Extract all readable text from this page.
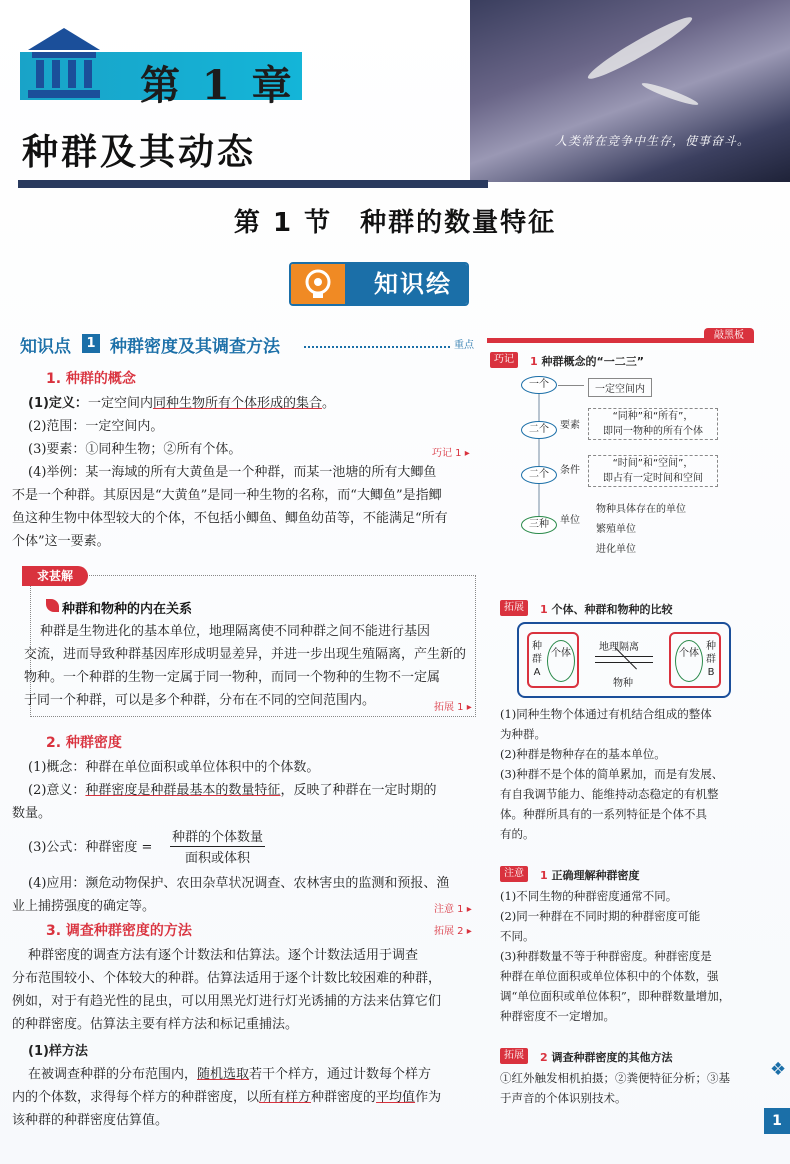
人类常在竞争中生存，使事奋斗。
第 1 章
种群及其动态
第 1 节　种群的数量特征
知识绘
知识点	1 种群密度及其调查方法	重点
1. 种群的概念
(1)定义：一定空间内同种生物所有个体形成的集合。
(2)范围：一定空间内。
(3)要素：①同种生物；②所有个体。	巧记 1 ▸
(4)举例：某一海域的所有大黄鱼是一个种群，而某一池塘的所有大鲫鱼
不是一个种群。其原因是“大黄鱼”是同一种生物的名称，而“大鲫鱼”是指鲫
鱼这种生物中体型较大的个体，不包括小鲫鱼、鲫鱼幼苗等，不能满足“所有
个体”这一要素。
求甚解
种群和物种的内在关系
种群是生物进化的基本单位，地理隔离使不同种群之间不能进行基因
交流，进而导致种群基因库形成明显差异，并进一步出现生殖隔离，产生新的
物种。一个种群的生物一定属于同一物种，而同一个物种的生物不一定属
于同一个种群，可以是多个种群，分布在不同的空间范围内。	拓展 1 ▸
2. 种群密度
(1)概念：种群在单位面积或单位体积中的个体数。
(2)意义：种群密度是种群最基本的数量特征，反映了种群在一定时期的
数量。
(3)公式：种群密度 =
种群的个体数量
面积或体积
(4)应用：濒危动物保护、农田杂草状况调查、农林害虫的监测和预报、渔
业上捕捞强度的确定等。	注意 1 ▸
3. 调查种群密度的方法	拓展 2 ▸
种群密度的调查方法有逐个计数法和估算法。逐个计数法适用于调查
分布范围较小、个体较大的种群。估算法适用于逐个计数比较困难的种群，
例如，对于有趋光性的昆虫，可以用黑光灯进行灯光诱捕的方法来估算它们
的种群密度。估算法主要有样方法和标记重捕法。
(1)样方法
在被调查种群的分布范围内，随机选取若干个样方，通过计数每个样方
内的个体数，求得每个样方的种群密度，以所有样方种群密度的平均值作为
该种群的种群密度估算值。
敲黑板
巧记	1 种群概念的“一二三”
一个	一定空间内
二个	要素
“同种”和“所有”，
即同一物种的所有个体
二个	条件
“时间”和“空间”，
即占有一定时间和空间
三种	单位
物种具体存在的单位
繁殖单位
进化单位
拓展	1 个体、种群和物种的比较
种
群
A
个体
地理隔离
物种
个体
种
群
B
(1)同种生物个体通过有机结合组成的整体
为种群。
(2)种群是物种存在的基本单位。
(3)种群不是个体的简单累加，而是有发展、
有自我调节能力、能维持动态稳定的有机整
体。种群所具有的一系列特征是个体不具
有的。
注意	1 正确理解种群密度
(1)不同生物的种群密度通常不同。
(2)同一种群在不同时期的种群密度可能
不同。
(3)种群数量不等于种群密度。种群密度是
种群在单位面积或单位体积中的个体数，强
调“单位面积或单位体积”，即种群数量增加，
种群密度不一定增加。
拓展	2 调查种群密度的其他方法
①红外触发相机拍摄；②粪便特征分析；③基
于声音的个体识别技术。
❖
1
